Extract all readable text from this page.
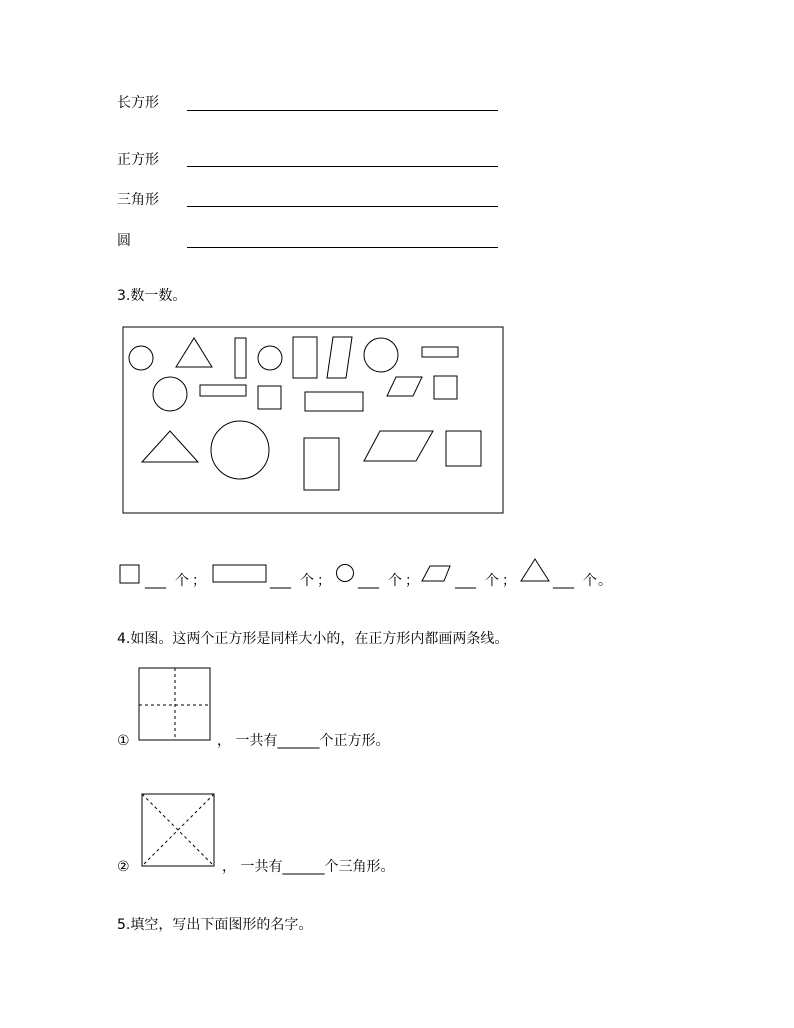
长方形
正方形
三角形
圆
3.数一数。
___ 个 ；	___ 个 ； ___ 个 ；	___ 个 ；	___ 个 。
4.如图。这两个正方形是同样大小的，在正方形内都画两条线。
①	， 一共有______个正方形。
②	， 一共有______个三角形。
5.填空，写出下面图形的名字。
